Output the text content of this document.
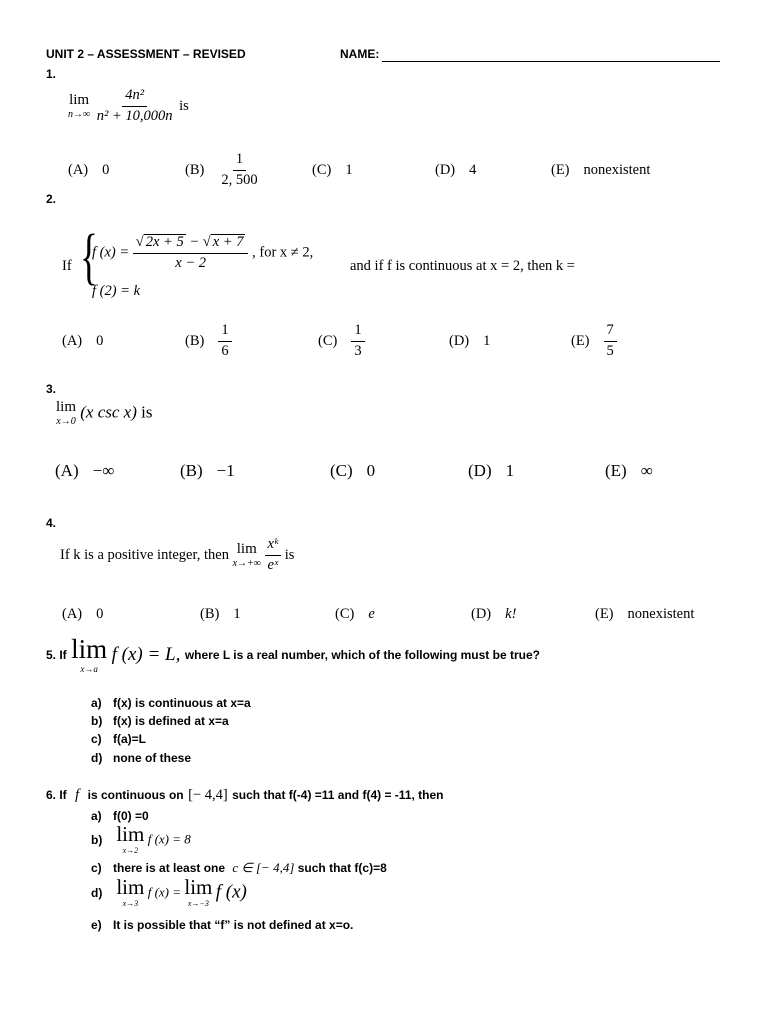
UNIT 2 – ASSESSMENT – REVISED	NAME:
1.
lim
n→∞
$\frac{\text{4n²}}{\text{n² + 10,000n}}$ is
(A) 0	$(B) \frac{1}{2, 500}$	(C) 1	(D) 4	(E) nonexistent
2.
If {
f $(x) = \frac{√ 2x + 5 - √ x + 7}{x - 2}$ , for x ≠ 2,
f (2) = k
and if f is continuous at x = 2, then k =
(A) 0	$(B) \frac{1}{6}$	$(C) \frac{1}{3}$	(D) 1	$(E) \frac{7}{5}$
3.
lim
x→0
(x csc x) is
(A) −∞	(B) −1	(C) 0	(D) 1	(E) ∞
4.
If k is a positive integer, then lim
x→+∞
$\frac{\text{xᵏ}}{\text{eˣ}}$ is
(A) 0	(B) 1	(C) e	(D) k!	(E) nonexistent
5. If lim
x→a
f (x) = L, where L is a real number, which of the following must be true?
a) f(x) is continuous at x=a
b) f(x) is defined at x=a
c) f(a)=L
d) none of these
6. If f is continuous on [− 4,4] such that f(-4) =11 and f(4) = -11, then
a) f(0) =0
b) lim
x→2
f (x) = 8
c) there is at least one c ∈ [− 4,4] such that f(c)=8
d) lim
x→3
f (x) = lim
x→−3
f (x)
e) It is possible that “f” is not defined at x=o.
